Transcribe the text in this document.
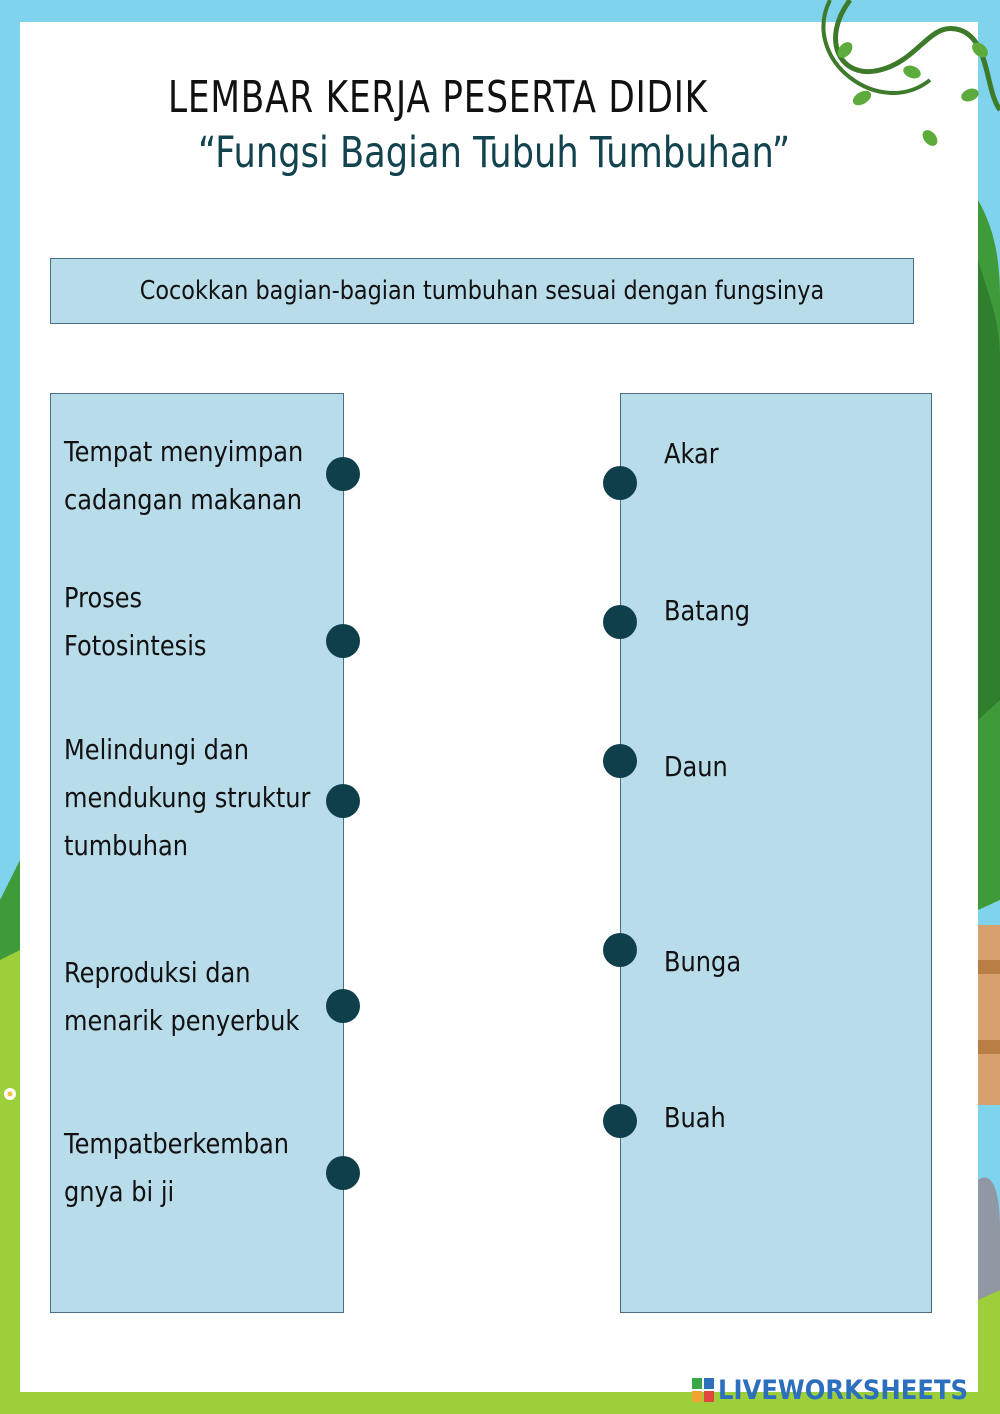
LEMBAR KERJA PESERTA DIDIK
“Fungsi Bagian Tubuh Tumbuhan”
Cocokkan bagian-bagian tumbuhan sesuai dengan fungsinya
Tempat menyimpan
cadangan makanan
Proses
Fotosintesis
Melindungi dan
mendukung struktur
tumbuhan
Reproduksi dan
menarik penyerbuk
Tempatberkemban
gnya bi ji
Akar
Batang
Daun
Bunga
Buah
LIVEWORKSHEETS
